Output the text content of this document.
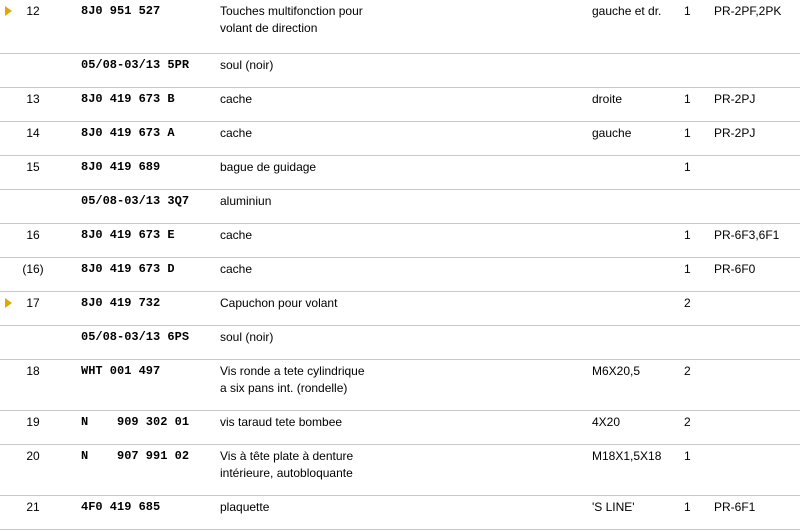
12	8J0 951 527	Touches multifonction pour
volant de direction
gauche et dr. 1 PR-2PF,2PK
05/08-03/13 5PR	soul (noir)
13	8J0 419 673 B	cache	droite	1 PR-2PJ
14	8J0 419 673 A	cache	gauche	1 PR-2PJ
15	8J0 419 689	bague de guidage	1
05/08-03/13 3Q7	aluminiun
16	8J0 419 673 E	cache	1 PR-6F3,6F1
(16)	8J0 419 673 D	cache	1 PR-6F0
17	8J0 419 732	Capuchon pour volant	2
05/08-03/13 6PS	soul (noir)
18	WHT 001 497	Vis ronde a tete cylindrique
a six pans int. (rondelle)
M6X20,5	2
19	N    909 302 01	vis taraud tete bombee	4X20	2
20	N    907 991 02	Vis à tête plate à denture
intérieure, autobloquante
M18X1,5X18 1
21	4F0 419 685	plaquette	'S LINE'	1 PR-6F1
